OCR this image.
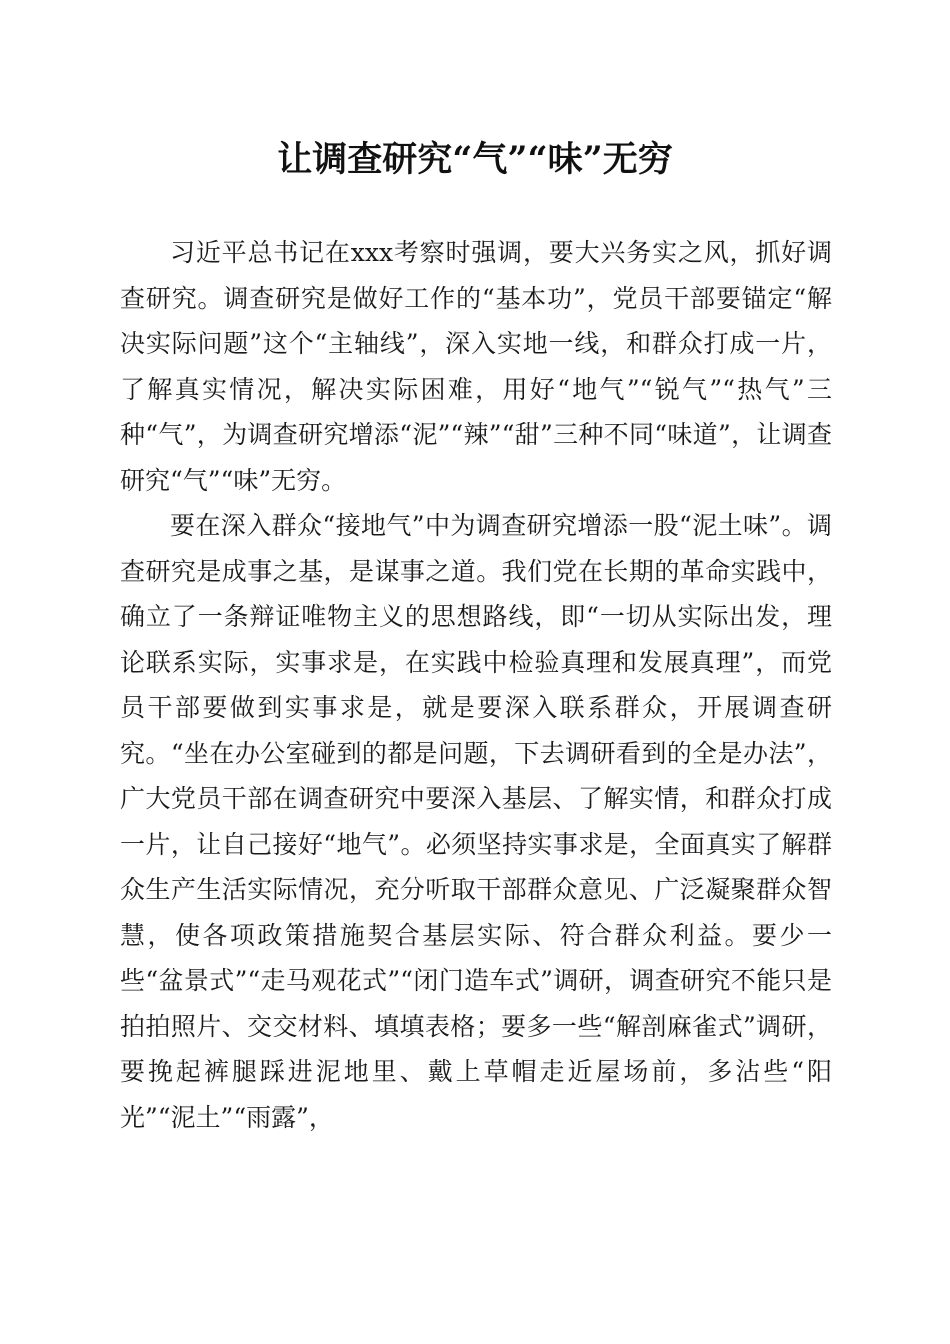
让调查研究“气”“味”无穷

习近平总书记在xxx考察时强调，要大兴务实之风，抓好调查研究。调查研究是做好工作的“基本功”，党员干部要锚定“解决实际问题”这个“主轴线”，深入实地一线，和群众打成一片，了解真实情况，解决实际困难，用好“地气”“锐气”“热气”三种“气”，为调查研究增添“泥”“辣”“甜”三种不同“味道”，让调查研究“气”“味”无穷。

要在深入群众“接地气”中为调查研究增添一股“泥土味”。调查研究是成事之基，是谋事之道。我们党在长期的革命实践中，确立了一条辩证唯物主义的思想路线，即“一切从实际出发，理论联系实际，实事求是，在实践中检验真理和发展真理”，而党员干部要做到实事求是，就是要深入联系群众，开展调查研究。“坐在办公室碰到的都是问题，下去调研看到的全是办法”，广大党员干部在调查研究中要深入基层、了解实情，和群众打成一片，让自己接好“地气”。必须坚持实事求是，全面真实了解群众生产生活实际情况，充分听取干部群众意见、广泛凝聚群众智慧，使各项政策措施契合基层实际、符合群众利益。要少一些“盆景式”“走马观花式”“闭门造车式”调研，调查研究不能只是拍拍照片、交交材料、填填表格；要多一些“解剖麻雀式”调研，要挽起裤腿踩进泥地里、戴上草帽走近屋场前，多沾些“阳光”“泥土”“雨露”，
